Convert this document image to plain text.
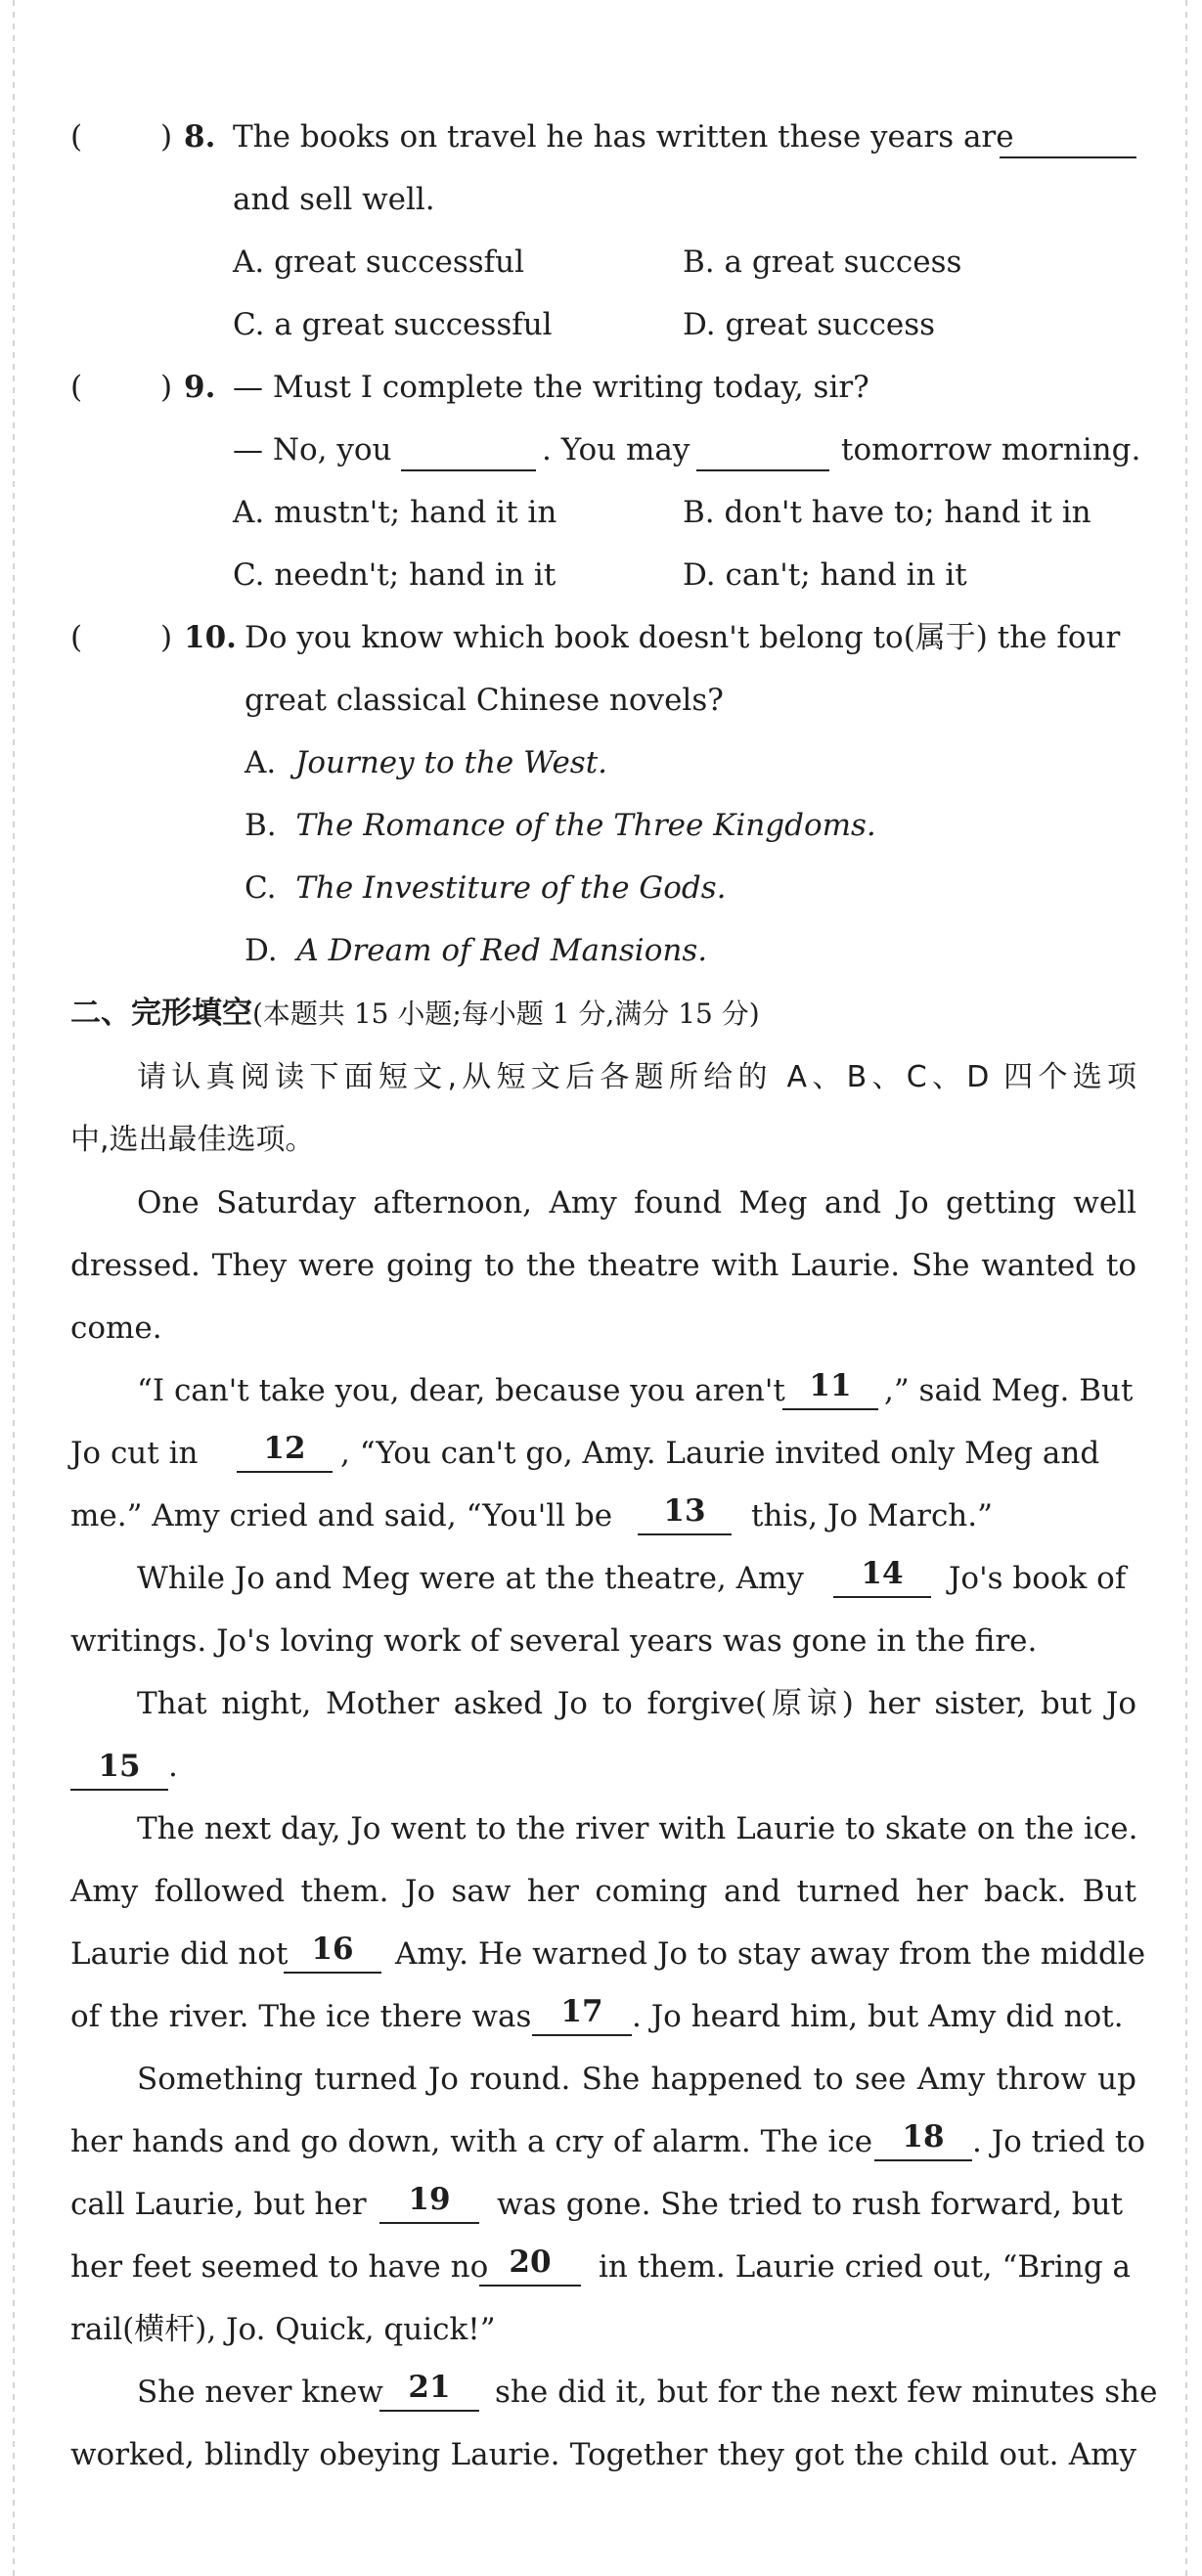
(	) 8. The books on travel he has written these years are
and sell well.
A. great successful	B. a great success
C. a great successful	D. great success
(	) 9. — Must I complete the writing today, sir?
— No, you	. You may	tomorrow morning.
A. mustn't; hand it in	B. don't have to; hand it in
C. needn't; hand in it	D. can't; hand in it
(	) 10. Do you know which book doesn't belong to(属于) the four
great classical Chinese novels?
A. Journey to the West.
B. The Romance of the Three Kingdoms.
C. The Investiture of the Gods.
D. A Dream of Red Mansions.
二、完形填空(本题共 15 小题;每小题 1 分,满分 15 分)
请认真阅读下面短文,从短文后各题所给的 A、B、C、D 四个选项
中,选出最佳选项。
One Saturday afternoon, Amy found Meg and Jo getting well
dressed. They were going to the theatre with Laurie. She wanted to
come.
“I can't take you, dear, because you aren't 11	,” said Meg. But
Jo cut in	12	, “You can't go, Amy. Laurie invited only Meg and
me.” Amy cried and said, “You'll be	13	this, Jo March.”
While Jo and Meg were at the theatre, Amy	14	Jo's book of
writings. Jo's loving work of several years was gone in the fire.
That night, Mother asked Jo to forgive(原谅) her sister, but Jo
15 .
The next day, Jo went to the river with Laurie to skate on the ice.
Amy followed them. Jo saw her coming and turned her back. But
Laurie did not 16	Amy. He warned Jo to stay away from the middle
of the river. The ice there was 17 . Jo heard him, but Amy did not.
Something turned Jo round. She happened to see Amy throw up
her hands and go down, with a cry of alarm. The ice 18 . Jo tried to
call Laurie, but her	19	was gone. She tried to rush forward, but
her feet seemed to have no 20	in them. Laurie cried out, “Bring a
rail(横杆), Jo. Quick, quick!”
She never knew 21	she did it, but for the next few minutes she
worked, blindly obeying Laurie. Together they got the child out. Amy
